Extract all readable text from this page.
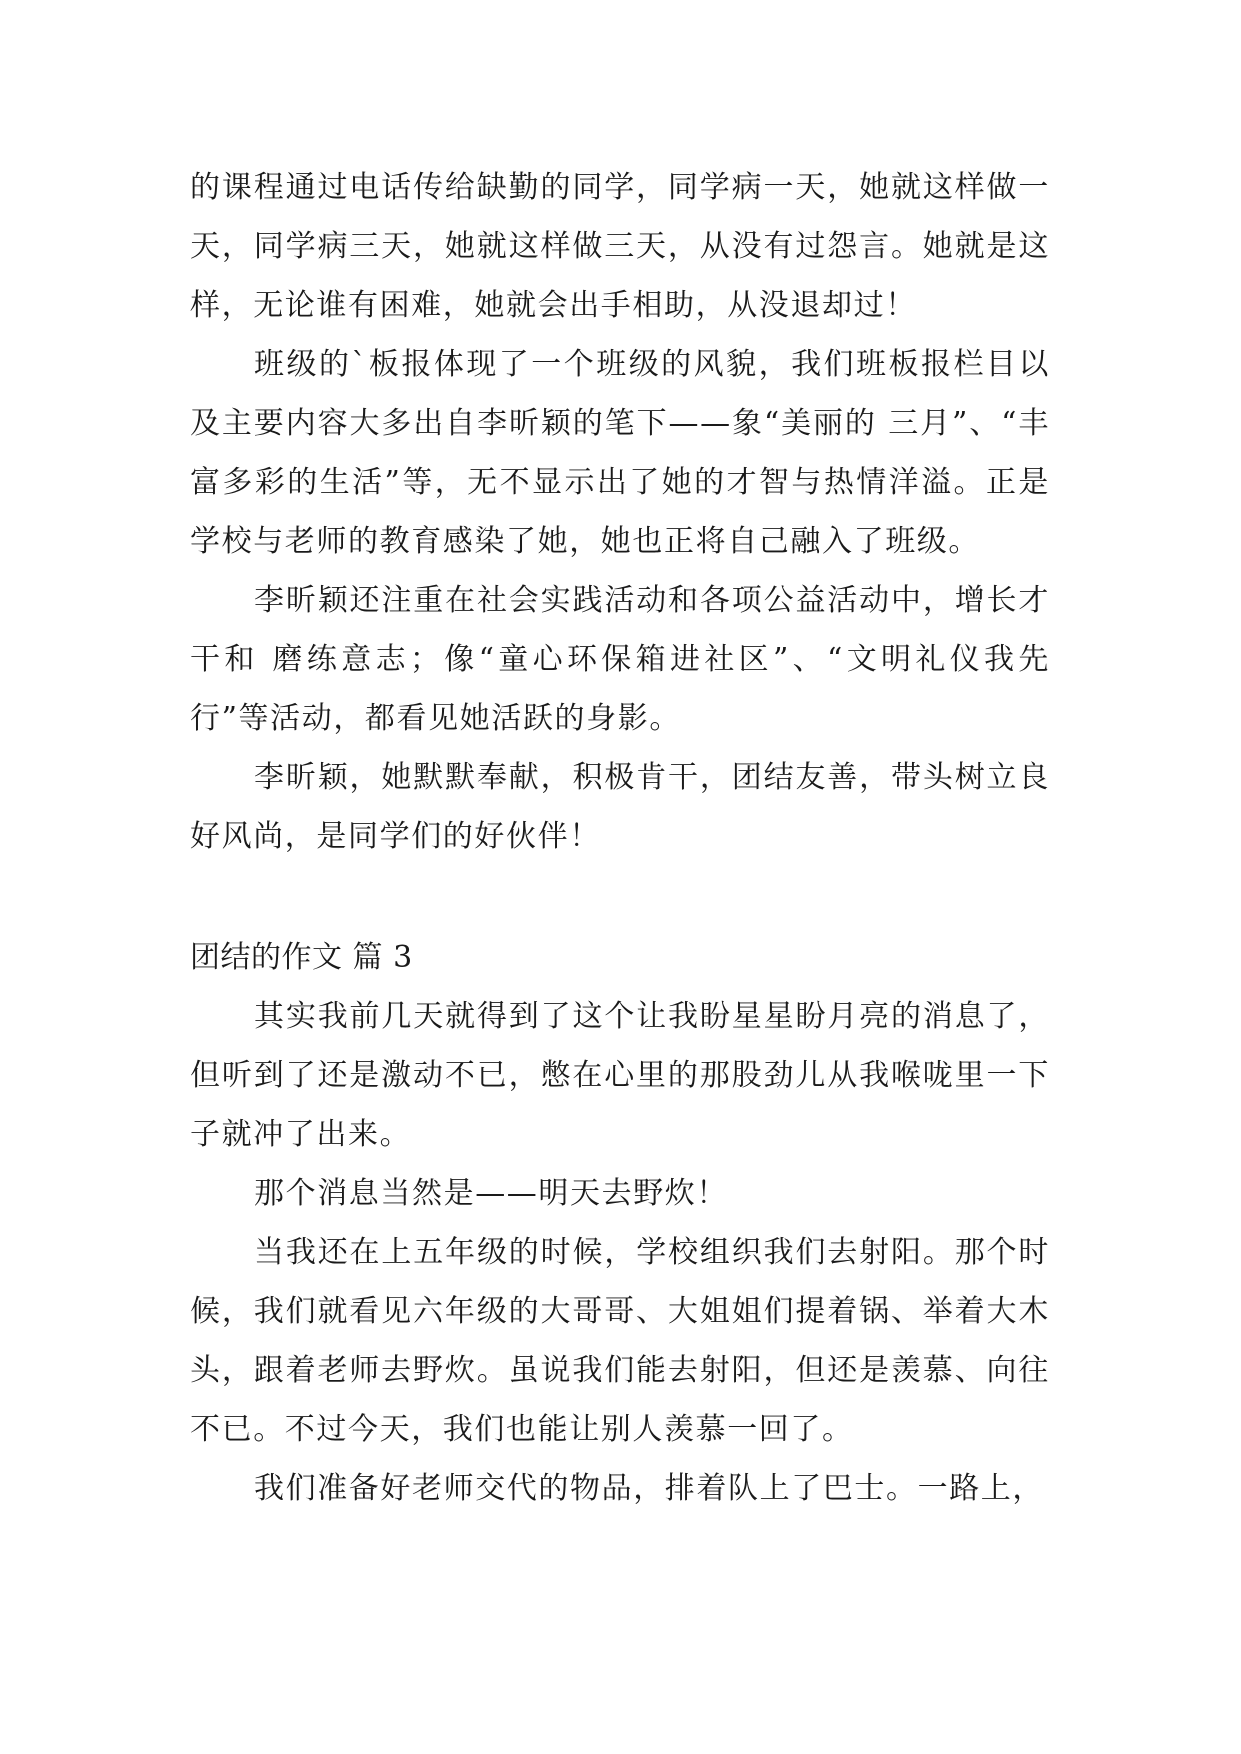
的课程通过电话传给缺勤的同学，同学病一天，她就这样做一天，同学病三天，她就这样做三天，从没有过怨言。她就是这样，无论谁有困难，她就会出手相助，从没退却过！

班级的`板报体现了一个班级的风貌，我们班板报栏目以及主要内容大多出自李昕颖的笔下——象“美丽的 三月”、“丰富多彩的生活”等，无不显示出了她的才智与热情洋溢。正是学校与老师的教育感染了她，她也正将自己融入了班级。

李昕颖还注重在社会实践活动和各项公益活动中，增长才干和 磨练意志；像“童心环保箱进社区”、“文明礼仪我先行”等活动，都看见她活跃的身影。

李昕颖，她默默奉献，积极肯干，团结友善，带头树立良好风尚，是同学们的好伙伴！

团结的作文 篇 3

其实我前几天就得到了这个让我盼星星盼月亮的消息了，但听到了还是激动不已，憋在心里的那股劲儿从我喉咙里一下子就冲了出来。

那个消息当然是——明天去野炊！

当我还在上五年级的时候，学校组织我们去射阳。那个时候，我们就看见六年级的大哥哥、大姐姐们提着锅、举着大木头，跟着老师去野炊。虽说我们能去射阳，但还是羡慕、向往不已。不过今天，我们也能让别人羡慕一回了。

我们准备好老师交代的物品，排着队上了巴士。一路上，
